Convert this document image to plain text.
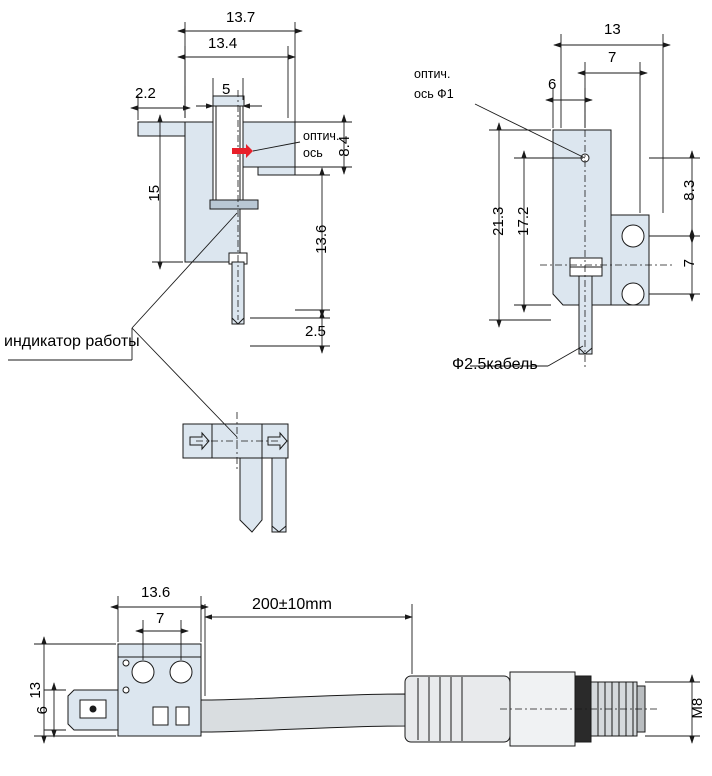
13.7
13.4
5
2.2
15
8.4
13.6
2.5
оптич.
ось
13
7
6
21.3 17.2
8.3
7
оптич.
ось Ф1
Ф2.5кабель
индикатор работы
13.6
7
200±10mm
13
6	M8
